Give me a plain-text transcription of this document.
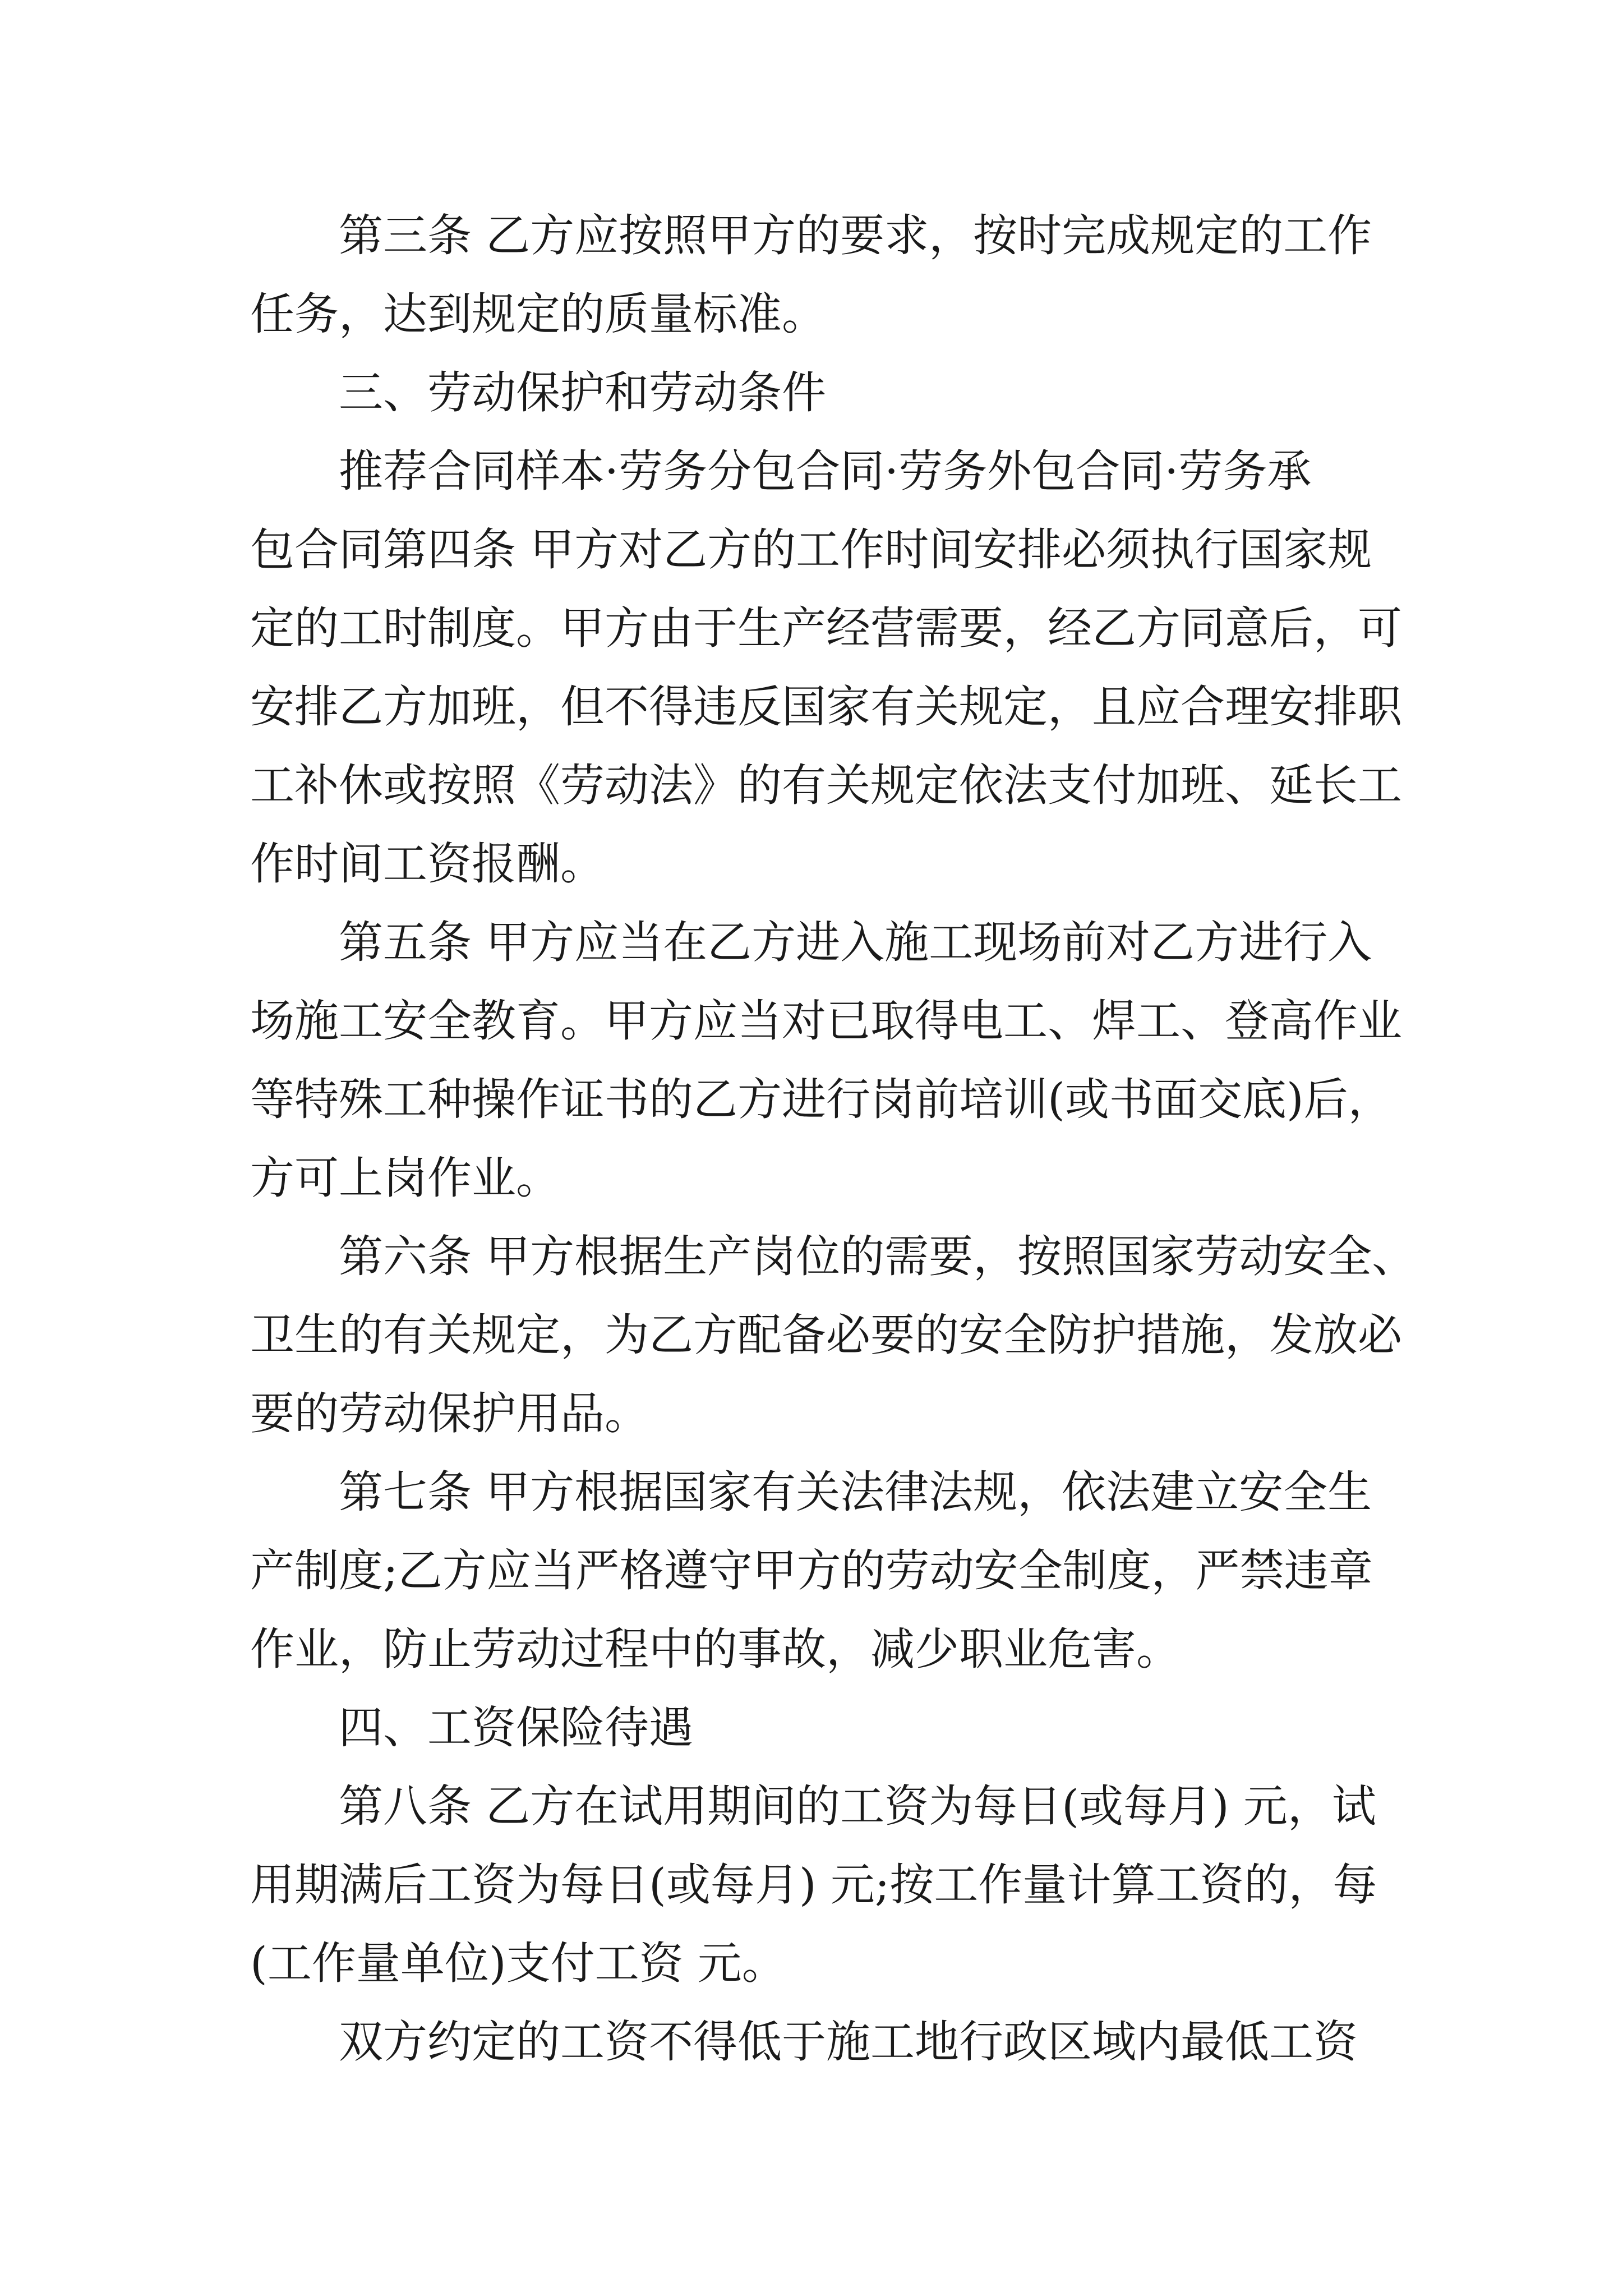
第三条 乙方应按照甲方的要求，按时完成规定的工作
任务，达到规定的质量标准。
三、劳动保护和劳动条件
推荐合同样本·劳务分包合同·劳务外包合同·劳务承
包合同第四条 甲方对乙方的工作时间安排必须执行国家规
定的工时制度。甲方由于生产经营需要，经乙方同意后，可
安排乙方加班，但不得违反国家有关规定，且应合理安排职
工补休或按照《劳动法》的有关规定依法支付加班、延长工
作时间工资报酬。
第五条 甲方应当在乙方进入施工现场前对乙方进行入
场施工安全教育。甲方应当对已取得电工、焊工、登高作业
等特殊工种操作证书的乙方进行岗前培训(或书面交底)后，
方可上岗作业。
第六条 甲方根据生产岗位的需要，按照国家劳动安全、
卫生的有关规定，为乙方配备必要的安全防护措施，发放必
要的劳动保护用品。
第七条 甲方根据国家有关法律法规，依法建立安全生
产制度;乙方应当严格遵守甲方的劳动安全制度，严禁违章
作业，防止劳动过程中的事故，减少职业危害。
四、工资保险待遇
第八条 乙方在试用期间的工资为每日(或每月) 元，试
用期满后工资为每日(或每月) 元;按工作量计算工资的，每
(工作量单位)支付工资 元。
双方约定的工资不得低于施工地行政区域内最低工资
